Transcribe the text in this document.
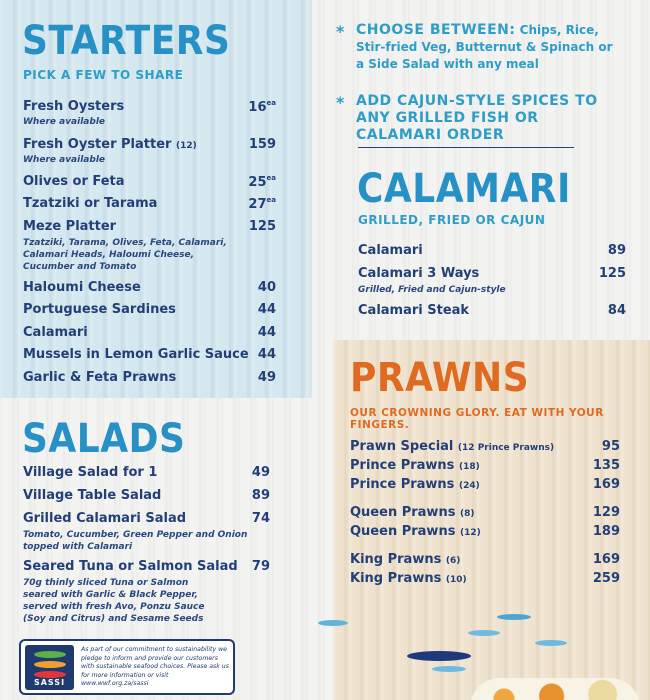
STARTERS
PICK A FEW TO SHARE
Fresh Oysters	$16^{ea}$
Where available
Fresh Oyster Platter (12)	159
Where available
Olives or Feta	$25^{ea}$
Tzatziki or Tarama	$27^{ea}$
Meze Platter	125
Tzatziki, Tarama, Olives, Feta, Calamari, Calamari Heads, Haloumi Cheese, Cucumber and Tomato
Haloumi Cheese	40
Portuguese Sardines	44
Calamari	44
Mussels in Lemon Garlic Sauce 44
Garlic & Feta Prawns	49
SALADS
Village Salad for 1	49
Village Table Salad	89
Grilled Calamari Salad	74
Tomato, Cucumber, Green Pepper and Onion topped with Calamari
Seared Tuna or Salmon Salad	79
70g thinly sliced Tuna or Salmon seared with Garlic & Black Pepper, served with fresh Avo, Ponzu Sauce (Soy and Citrus) and Sesame Seeds
SASSI
As part of our commitment to sustainability we pledge to inform and provide our customers with sustainable seafood choices. Please ask us for more information or visit www.wwf.org.za/sassi
* CHOOSE BETWEEN: Chips, Rice, Stir-fried Veg, Butternut & Spinach or a Side Salad with any meal
* ADD CAJUN-STYLE SPICES TO ANY GRILLED FISH OR CALAMARI ORDER
CALAMARI
GRILLED, FRIED OR CAJUN
Calamari	89
Calamari 3 Ways	125
Grilled, Fried and Cajun-style
Calamari Steak	84
PRAWNS
OUR CROWNING GLORY. EAT WITH YOUR FINGERS.
Prawn Special (12 Prince Prawns)	95
Prince Prawns (18)	135
Prince Prawns (24)	169
Queen Prawns (8)	129
Queen Prawns (12)	189
King Prawns (6)	169
King Prawns (10)	259
